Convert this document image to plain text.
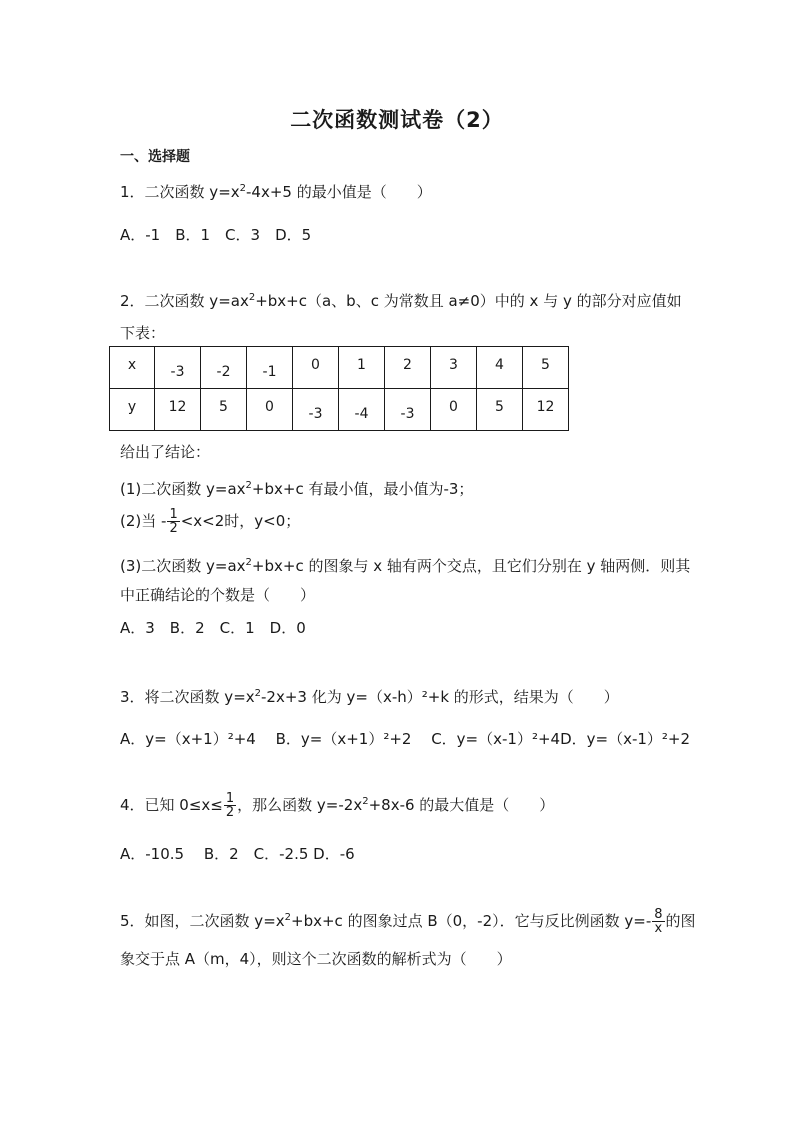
二次函数测试卷（2）
一、选择题
1．二次函数 $y=x^2-4x+5$ 的最小值是（　　）
A．-1　B．1　C．3　D．5
2．二次函数 $y=ax^2+bx+c(a$、b、c 为常数且 a≠0）中的 x 与 y 的部分对应值如
下表：
x	-3	-2	-1	0	1	2	3	4	5
y	12	5	0	-3	-4	-3	0	5	12
给出了结论：
(1)二次函数 $y=ax^2+bx+c$ 有最小值，最小值为-3；
(2)当 - $\frac{1}{2} <x<2$时，y<0；
(3)二次函数 $y=ax^2+bx+c$ 的图象与 x 轴有两个交点，且它们分别在 y 轴两侧．则其
中正确结论的个数是（　　）
A．3　B．2　C．1　D．0
3．将二次函数 $y=x^2-2x+3$ 化为 y=（x-h）²+k 的形式，结果为（　　）
A．y=（x+1）²+4　 B．y=（x+1）²+2　 C．y=（x-1）²+4D．y=（x-1）²+2
4．已知 $0\le x\le \frac{1}{2}$ ，那么函数 $y=-2x^2+8x-6$ 的最大值是（　　）
A．-10.5　 B．2　C．-2.5 D．-6
5．如图，二次函数 $y=x^2+bx+c$ 的图象过点 B（0，-2）．它与反比例函数 $y=- \frac{8}{x}$ 的图
象交于点 A（m，4），则这个二次函数的解析式为（　　）
